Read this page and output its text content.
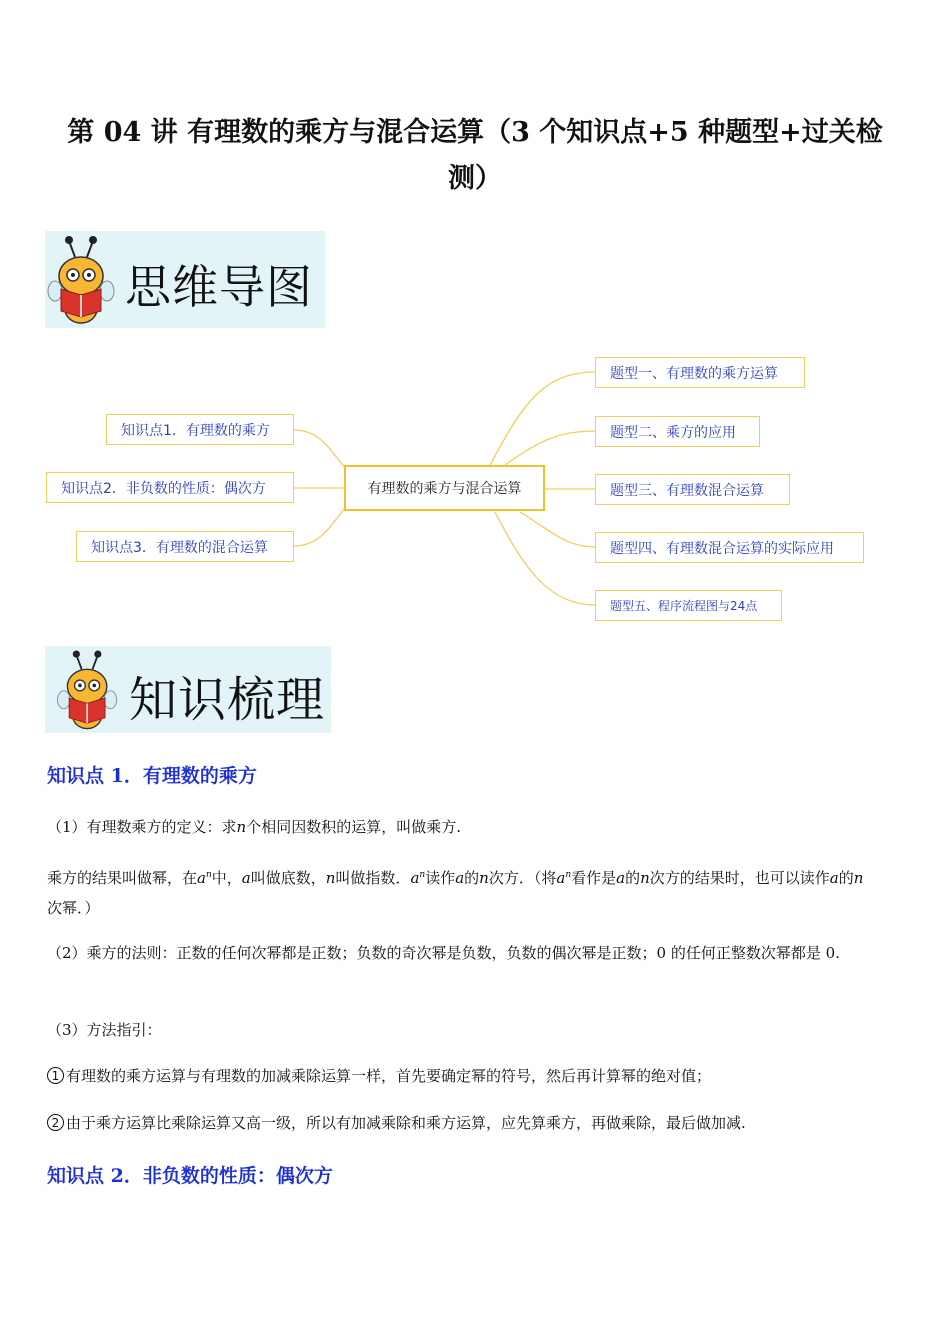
第 04 讲 有理数的乘方与混合运算（3 个知识点+5 种题型+过关检测）
思维导图
知识点1．有理数的乘方
知识点2．非负数的性质：偶次方
知识点3．有理数的混合运算
有理数的乘方与混合运算
题型一、有理数的乘方运算
题型二、乘方的应用
题型三、有理数混合运算
题型四、有理数混合运算的实际应用
题型五、程序流程图与24点
知识梳理
知识点 1．有理数的乘方
（1）有理数乘方的定义：求n个相同因数积的运算，叫做乘方.
乘方的结果叫做幂，在$a^n$中，a叫做底数，n叫做指数．$a^n$读作a的n次方．（将$a^n$看作是a的n次方的结果时，也可以读作a的n次幂．）
（2）乘方的法则：正数的任何次幂都是正数；负数的奇次幂是负数，负数的偶次幂是正数；0 的任何正整数次幂都是 0.
（3）方法指引：
1 有理数的乘方运算与有理数的加减乘除运算一样，首先要确定幂的符号，然后再计算幂的绝对值；
2 由于乘方运算比乘除运算又高一级，所以有加减乘除和乘方运算，应先算乘方，再做乘除，最后做加减.
知识点 2．非负数的性质：偶次方
